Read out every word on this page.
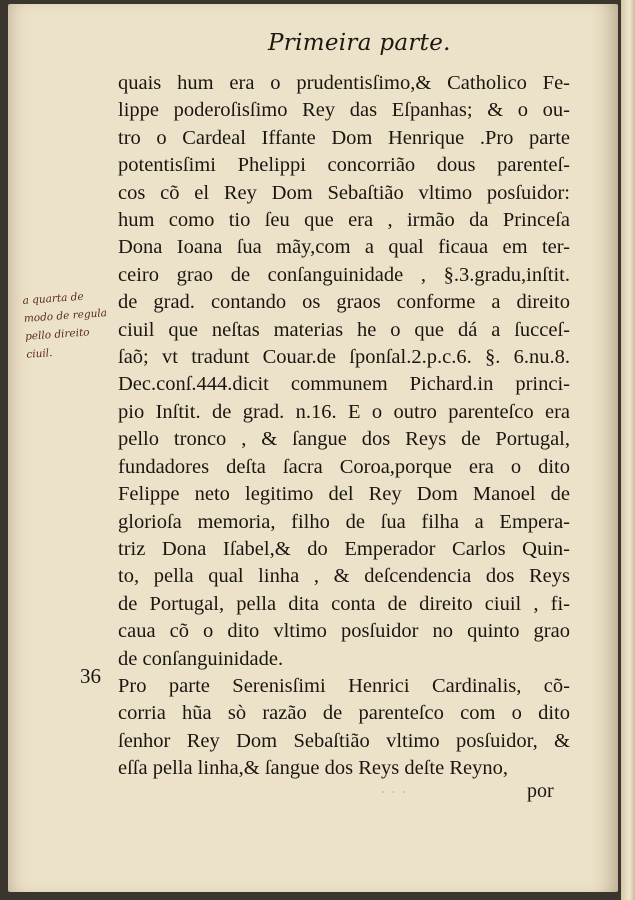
· · ·
Primeira parte.
a quarta de
modo de regula
pello direito
ciuil.
36
quais hum era o prudentisſimo,& Catholico Fe-
lippe poderoſisſimo Rey das Eſpanhas; & o ou-
tro o Cardeal Iffante Dom Henrique .Pro parte
potentisſimi Phelippi concorrião dous parenteſ-
cos cõ el Rey Dom Sebaſtião vltimo posſuidor:
hum como tio ſeu que era , irmão da Princeſa
Dona Ioana ſua mãy,com a qual ficaua em ter-
ceiro grao de conſanguinidade , §.3.gradu,inſtit.
de grad. contando os graos conforme a direito
ciuil que neſtas materias he o que dá a ſucceſ-
ſaõ; vt tradunt Couar.de ſponſal.2.p.c.6. §. 6.nu.8.
Dec.conſ.444.dicit communem Pichard.in princi-
pio Inſtit. de grad. n.16. E o outro parenteſco era
pello tronco , & ſangue dos Reys de Portugal,
fundadores deſta ſacra Coroa,porque era o dito
Felippe neto legitimo del Rey Dom Manoel de
glorioſa memoria, filho de ſua filha a Empera-
triz Dona Iſabel,& do Emperador Carlos Quin-
to, pella qual linha , & deſcendencia dos Reys
de Portugal, pella dita conta de direito ciuil , fi-
caua cõ o dito vltimo posſuidor no quinto grao
de conſanguinidade.
Pro parte Serenisſimi Henrici Cardinalis, cõ-
corria hũa sò razão de parenteſco com o dito
ſenhor Rey Dom Sebaſtião vltimo posſuidor, &
eſſa pella linha,& ſangue dos Reys deſte Reyno,
por
